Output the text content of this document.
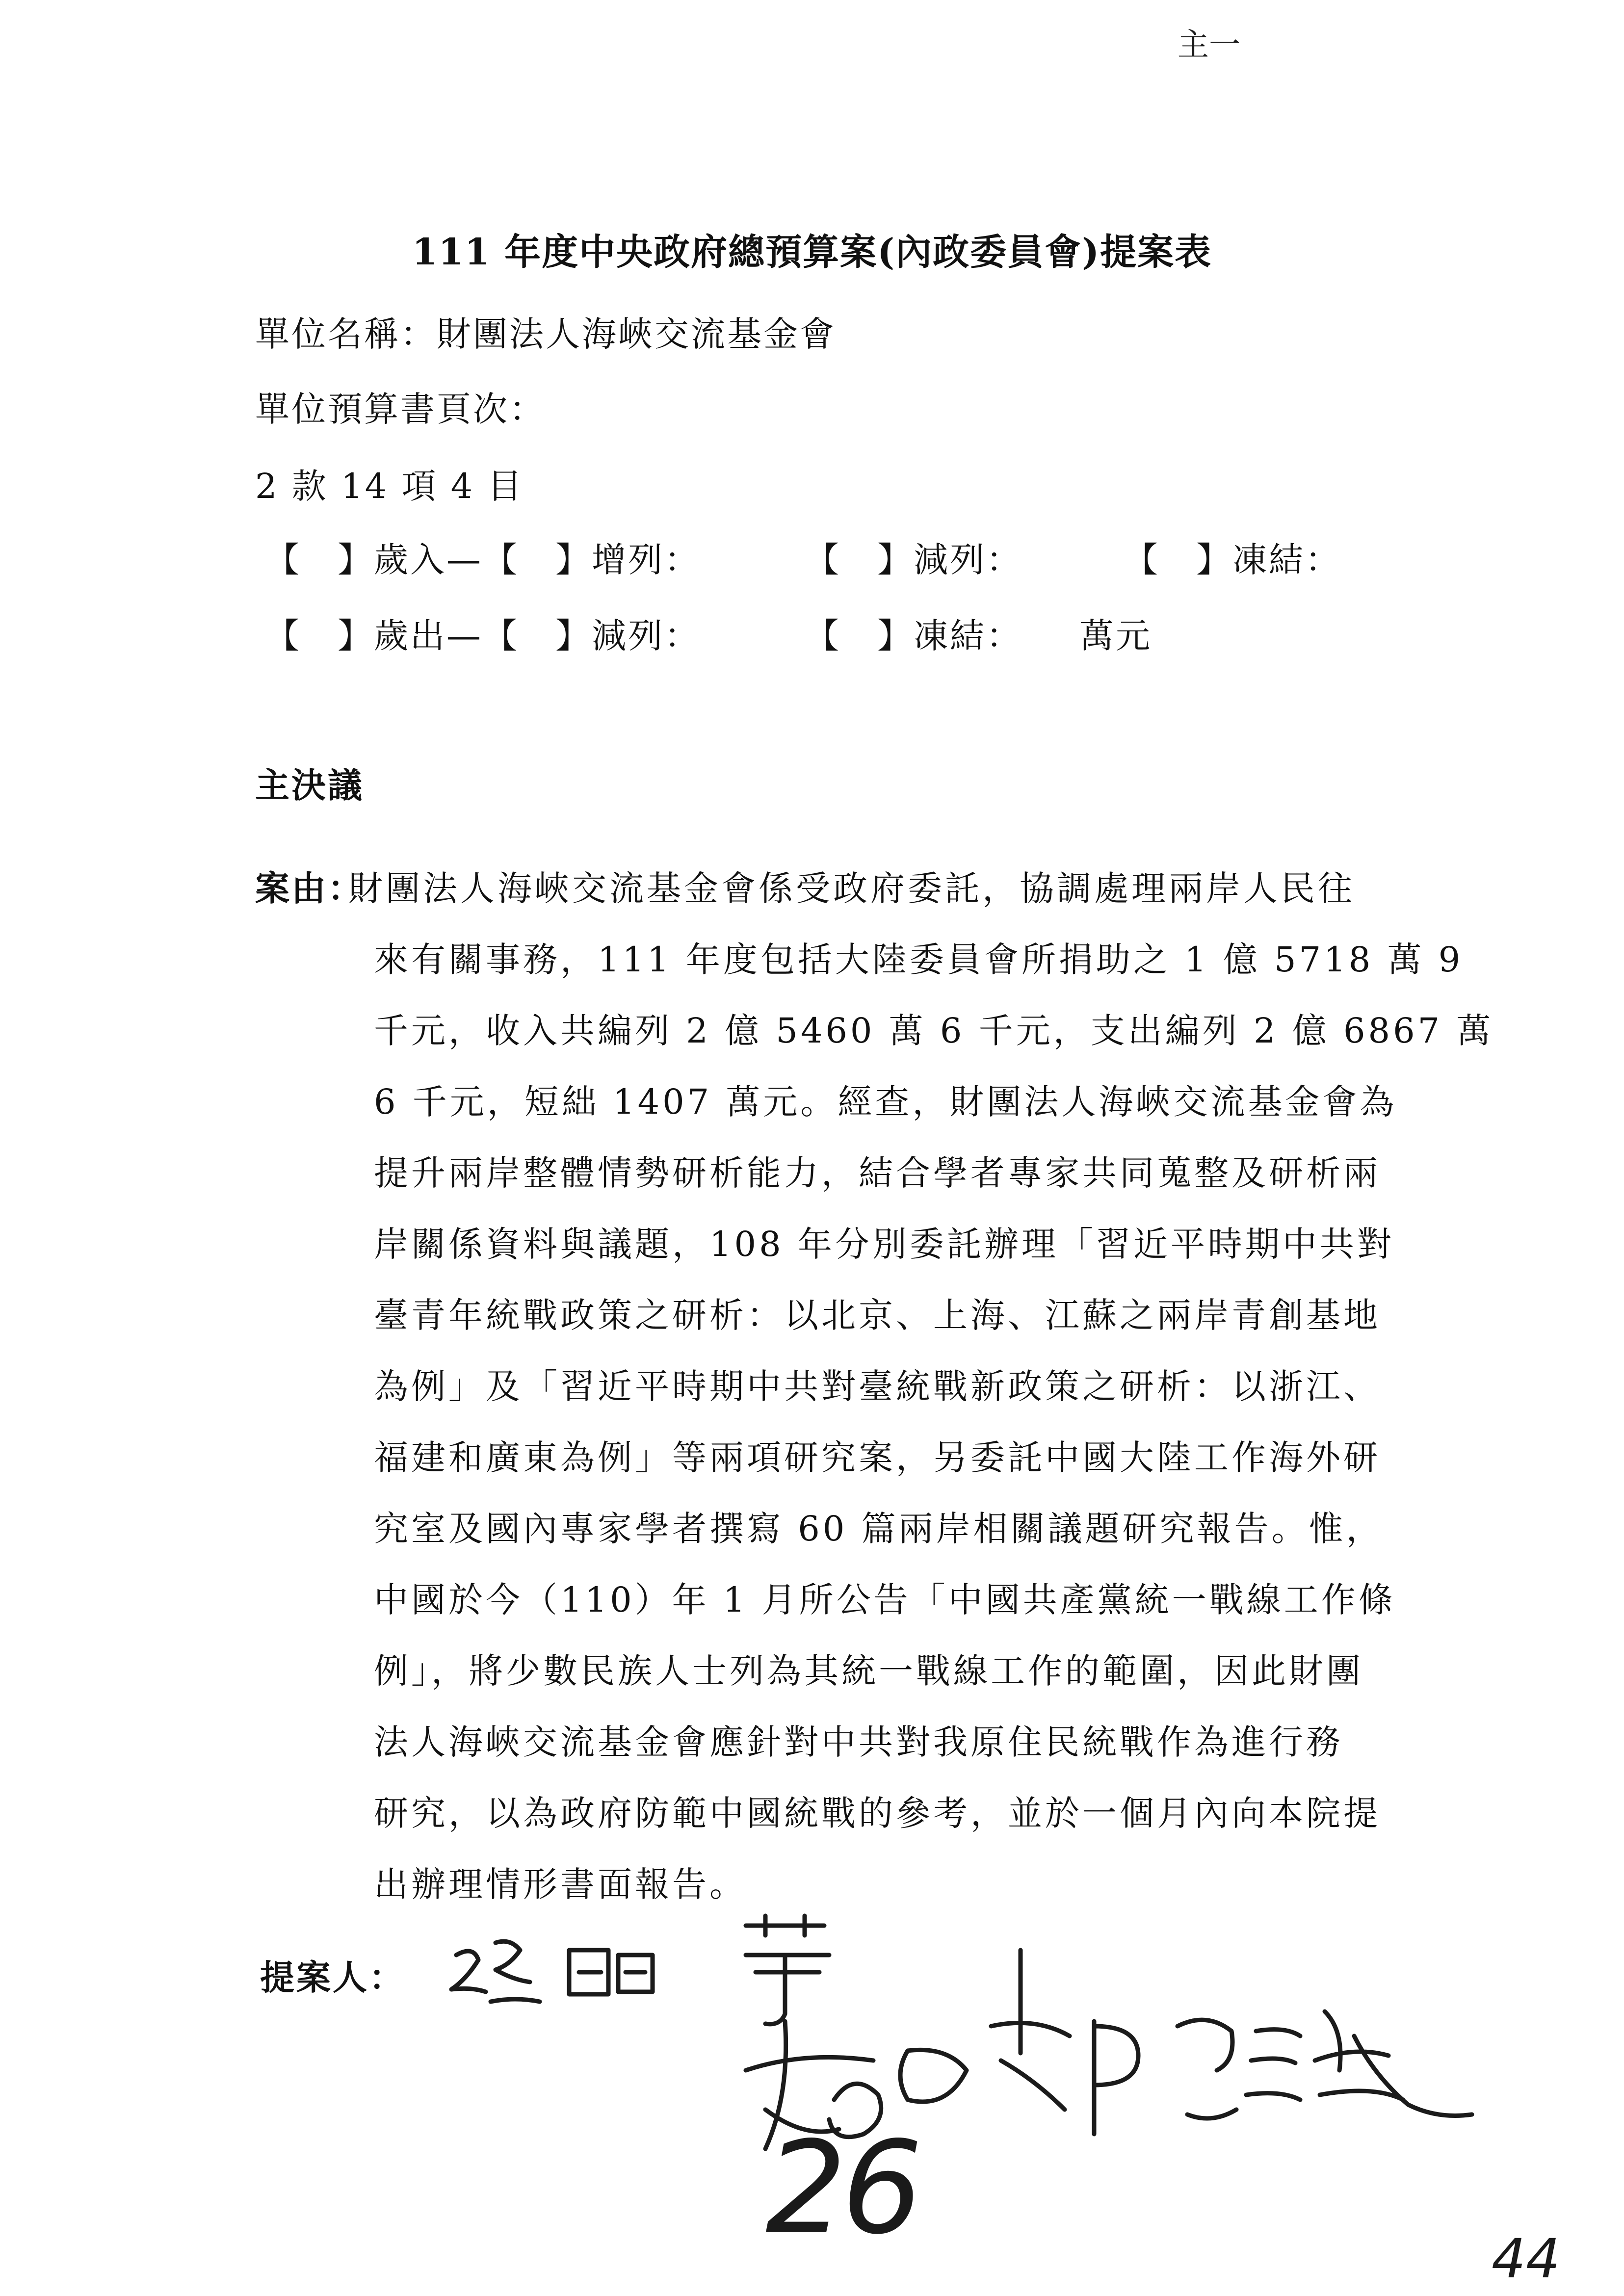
主一
111 年度中央政府總預算案(內政委員會)提案表
單位名稱：財團法人海峽交流基金會
單位預算書頁次：
2 款 14 項 4 目
【　】歲入—【　】增列：	【　】減列：	【　】凍結：
【　】歲出—【　】減列：	【　】凍結： 萬元
主決議
案由：
財團法人海峽交流基金會係受政府委託，協調處理兩岸人民往
來有關事務，111 年度包括大陸委員會所捐助之 1 億 5718 萬 9
千元，收入共編列 2 億 5460 萬 6 千元，支出編列 2 億 6867 萬
6 千元，短絀 1407 萬元。經查，財團法人海峽交流基金會為
提升兩岸整體情勢研析能力，結合學者專家共同蒐整及研析兩
岸關係資料與議題，108 年分別委託辦理「習近平時期中共對
臺青年統戰政策之研析：以北京、上海、江蘇之兩岸青創基地
為例」及「習近平時期中共對臺統戰新政策之研析：以浙江、
福建和廣東為例」等兩項研究案，另委託中國大陸工作海外研
究室及國內專家學者撰寫 60 篇兩岸相關議題研究報告。惟，
中國於今（110）年 1 月所公告「中國共產黨統一戰線工作條
例」，將少數民族人士列為其統一戰線工作的範圍，因此財團
法人海峽交流基金會應針對中共對我原住民統戰作為進行務
研究，以為政府防範中國統戰的參考，並於一個月內向本院提
出辦理情形書面報告。
提案人：
26	44
